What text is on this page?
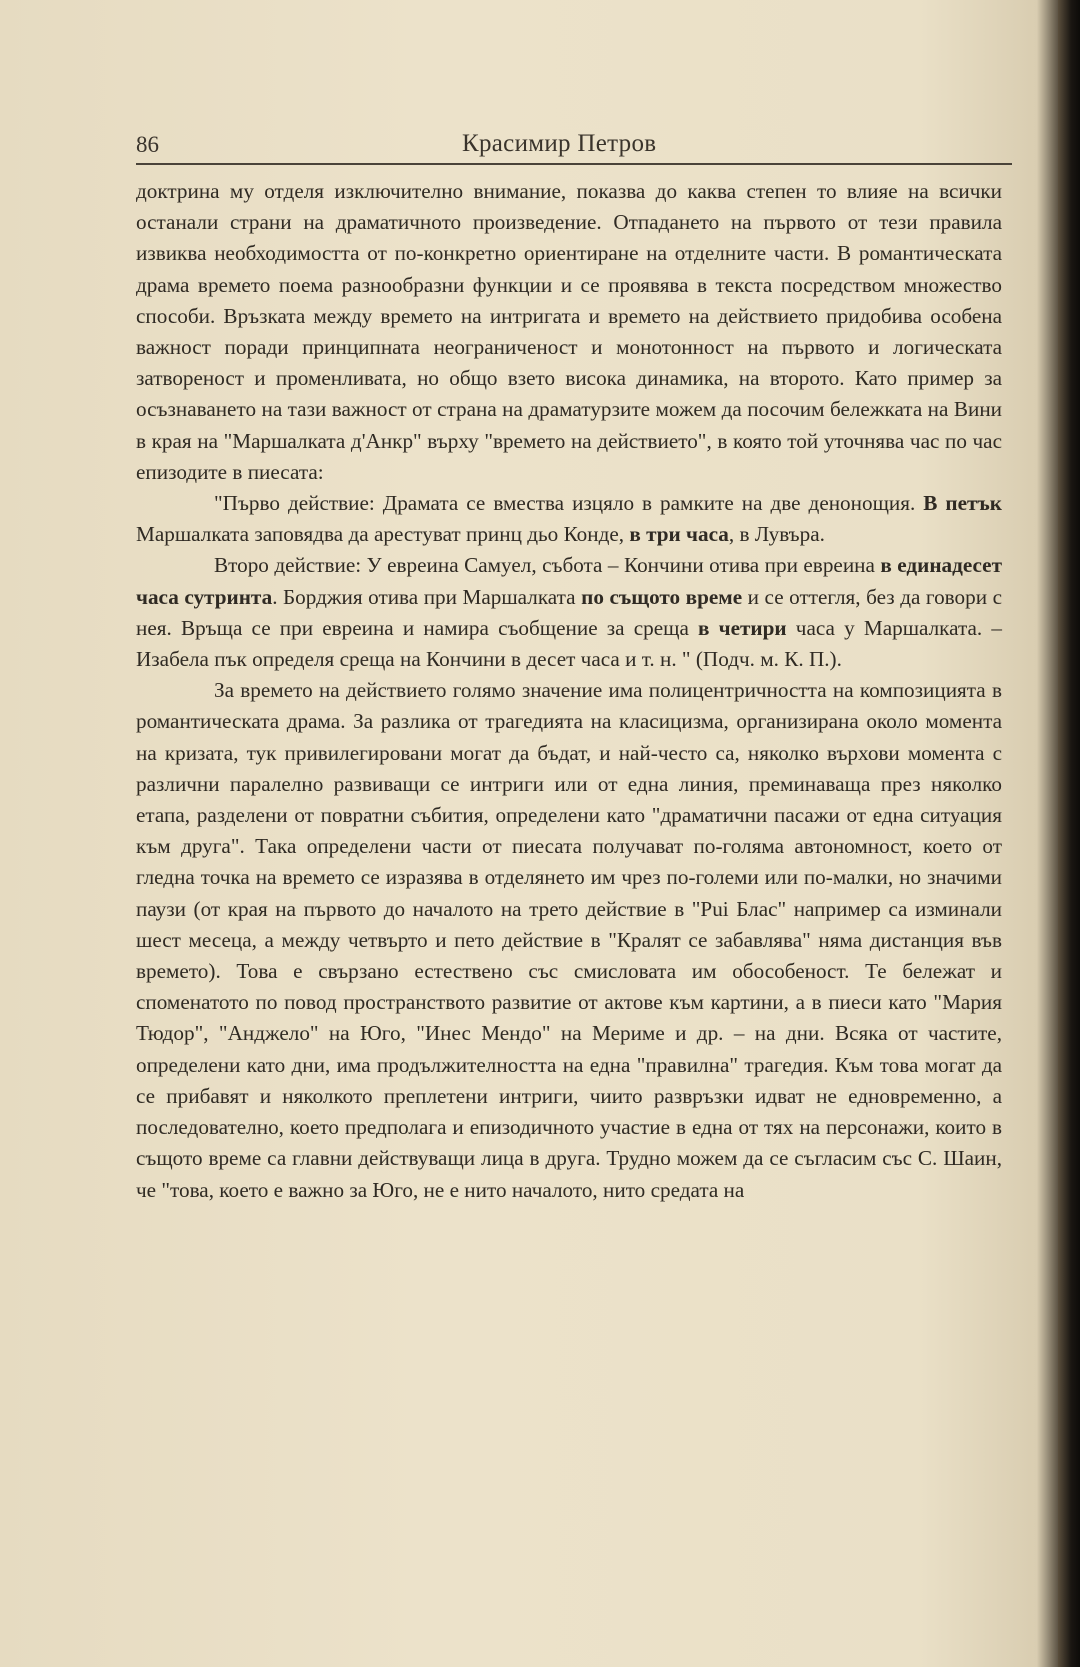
86	Красимир Петров

доктрина му отделя изключително внимание, показва до каква степен то влияе на всички останали страни на драматичното произведение. Отпадането на първото от тези правила извиква необходимостта от по-конкретно ориентиране на отделните части. В романтическата драма времето поема разнообразни функции и се проявява в текста посредством множество способи. Връзката между времето на интригата и времето на действието придобива особена важност поради принципната неограниченост и монотонност на първото и логическата затвореност и променливата, но общо взето висока динамика, на второто. Като пример за осъзнаването на тази важност от страна на драматурзите можем да посочим бележката на Вини в края на "Маршалката д'Анкр" върху "времето на действието", в която той уточнява час по час епизодите в пиесата:

"Първо действие: Драмата се вмества изцяло в рамките на две денонощия. В петък Маршалката заповядва да арестуват принц дьо Конде, в три часа, в Лувъра.

Второ действие: У евреина Самуел, събота – Кончини отива при евреина в единадесет часа сутринта. Борджия отива при Маршалката по същото време и се оттегля, без да говори с нея. Връща се при евреина и намира съобщение за среща в четири часа у Маршалката. – Изабела пък определя среща на Кончини в десет часа и т. н. " (Подч. м. К. П.).

За времето на действието голямо значение има полицентричността на композицията в романтическата драма. За разлика от трагедията на класицизма, организирана около момента на кризата, тук привилегировани могат да бъдат, и най-често са, няколко върхови момента с различни паралелно развиващи се интриги или от една линия, преминаваща през няколко етапа, разделени от повратни събития, определени като "драматични пасажи от една ситуация към друга". Така определени части от пиесата получават по-голяма автономност, което от гледна точка на времето се изразява в отделянето им чрез по-големи или по-малки, но значими паузи (от края на първото до началото на трето действие в "Рui Блас" например са изминали шест месеца, а между четвърто и пето действие в "Кралят се забавлява" няма дистанция във времето). Това е свързано естествено със смисловата им обособеност. Те бележат и споменатото по повод пространството развитие от актове към картини, а в пиеси като "Мария Тюдор", "Анджело" на Юго, "Инес Мендо" на Мериме и др. – на дни. Всяка от частите, определени като дни, има продължителността на една "правилна" трагедия. Към това могат да се прибавят и няколкото преплетени интриги, чиито развръзки идват не едновременно, а последователно, което предполага и епизодичното участие в една от тях на персонажи, които в същото време са главни действуващи лица в друга. Трудно можем да се съгласим със С. Шаин, че "това, което е важно за Юго, не е нито началото, нито средата на
